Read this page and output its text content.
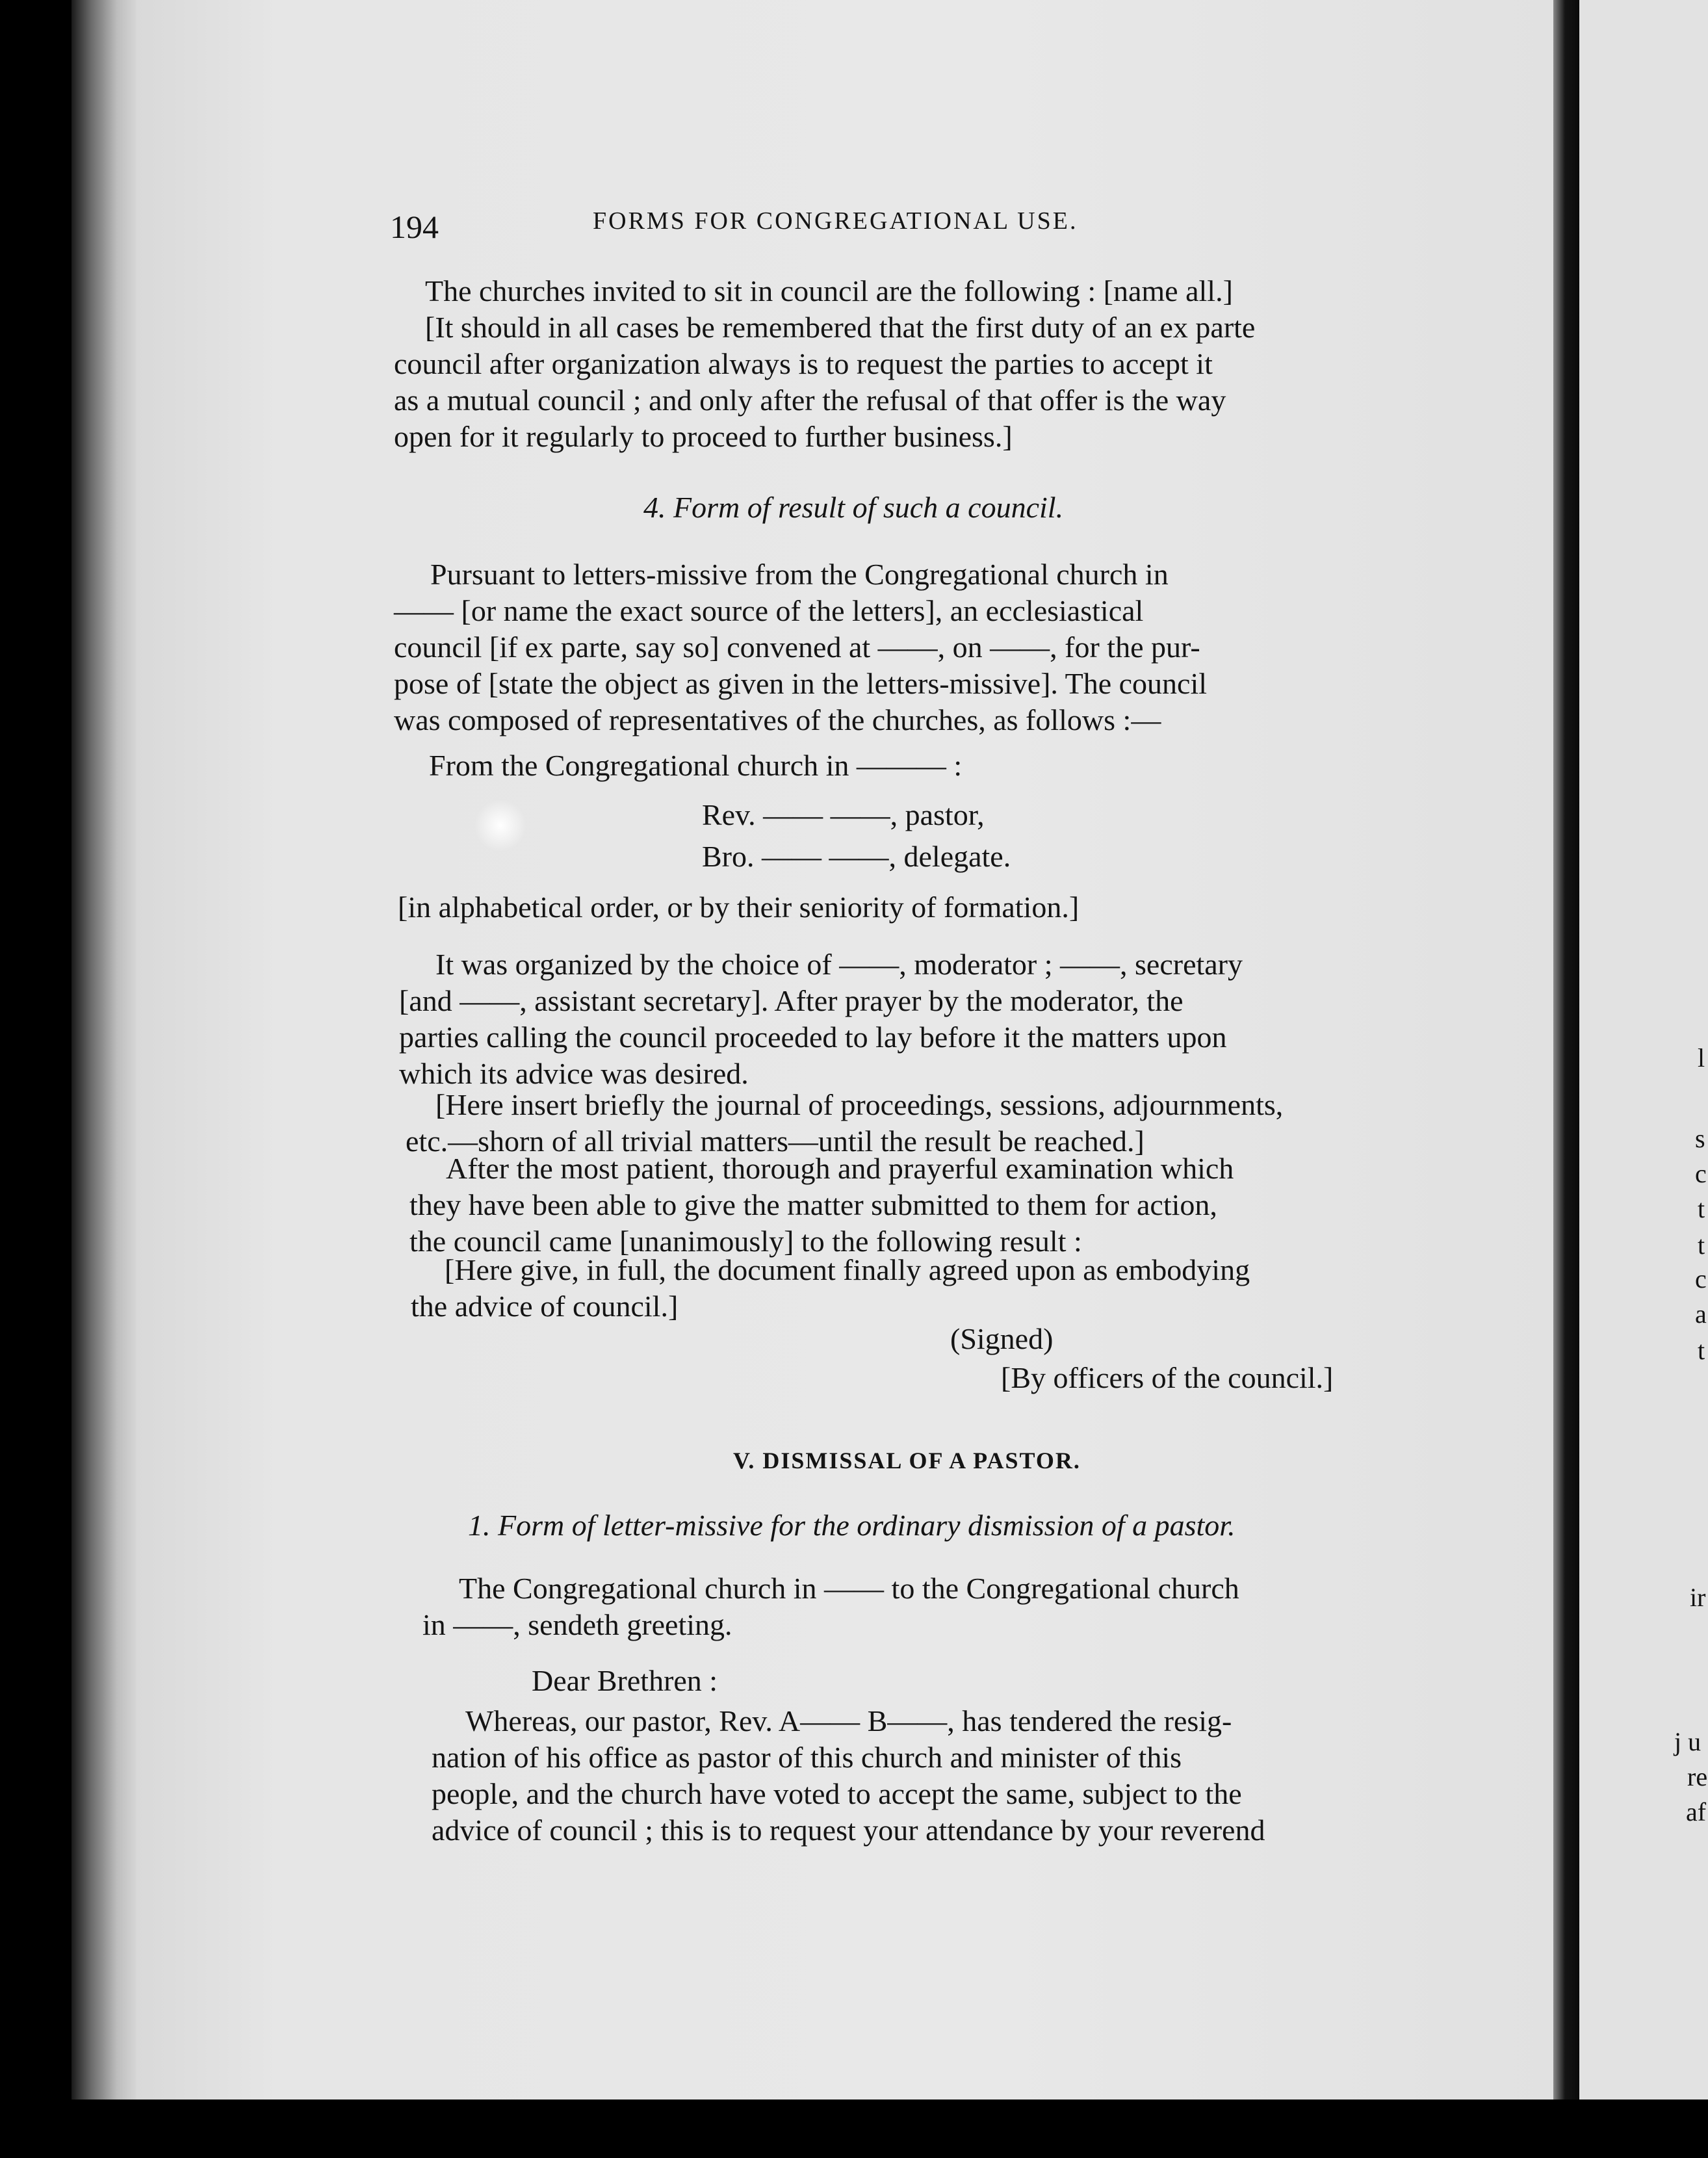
l
s
c
t
t
c
a
t
ir
j u
re
af
194	FORMS FOR CONGREGATIONAL USE.
The churches invited to sit in council are the following : [name all.]
[It should in all cases be remembered that the first duty of an ex parte
council after organization always is to request the parties to accept it
as a mutual council ; and only after the refusal of that offer is the way
open for it regularly to proceed to further business.]
4. Form of result of such a council.
Pursuant to letters-missive from the Congregational church in
—— [or name the exact source of the letters], an ecclesiastical
council [if ex parte, say so] convened at ——, on ——, for the pur-
pose of [state the object as given in the letters-missive]. The council
was composed of representatives of the churches, as follows :—
From the Congregational church in ——— :
Rev. —— ——, pastor,
Bro. —— ——, delegate.
[in alphabetical order, or by their seniority of formation.]
It was organized by the choice of ——, moderator ; ——, secretary
[and ——, assistant secretary]. After prayer by the moderator, the
parties calling the council proceeded to lay before it the matters upon
which its advice was desired.
[Here insert briefly the journal of proceedings, sessions, adjournments,
etc.—shorn of all trivial matters—until the result be reached.]
After the most patient, thorough and prayerful examination which
they have been able to give the matter submitted to them for action,
the council came [unanimously] to the following result :
[Here give, in full, the document finally agreed upon as embodying
the advice of council.]
(Signed)
[By officers of the council.]
V. DISMISSAL OF A PASTOR.
1. Form of letter-missive for the ordinary dismission of a pastor.
The Congregational church in —— to the Congregational church
in ——, sendeth greeting.
Dear Brethren :
Whereas, our pastor, Rev. A—— B——, has tendered the resig-
nation of his office as pastor of this church and minister of this
people, and the church have voted to accept the same, subject to the
advice of council ; this is to request your attendance by your reverend
